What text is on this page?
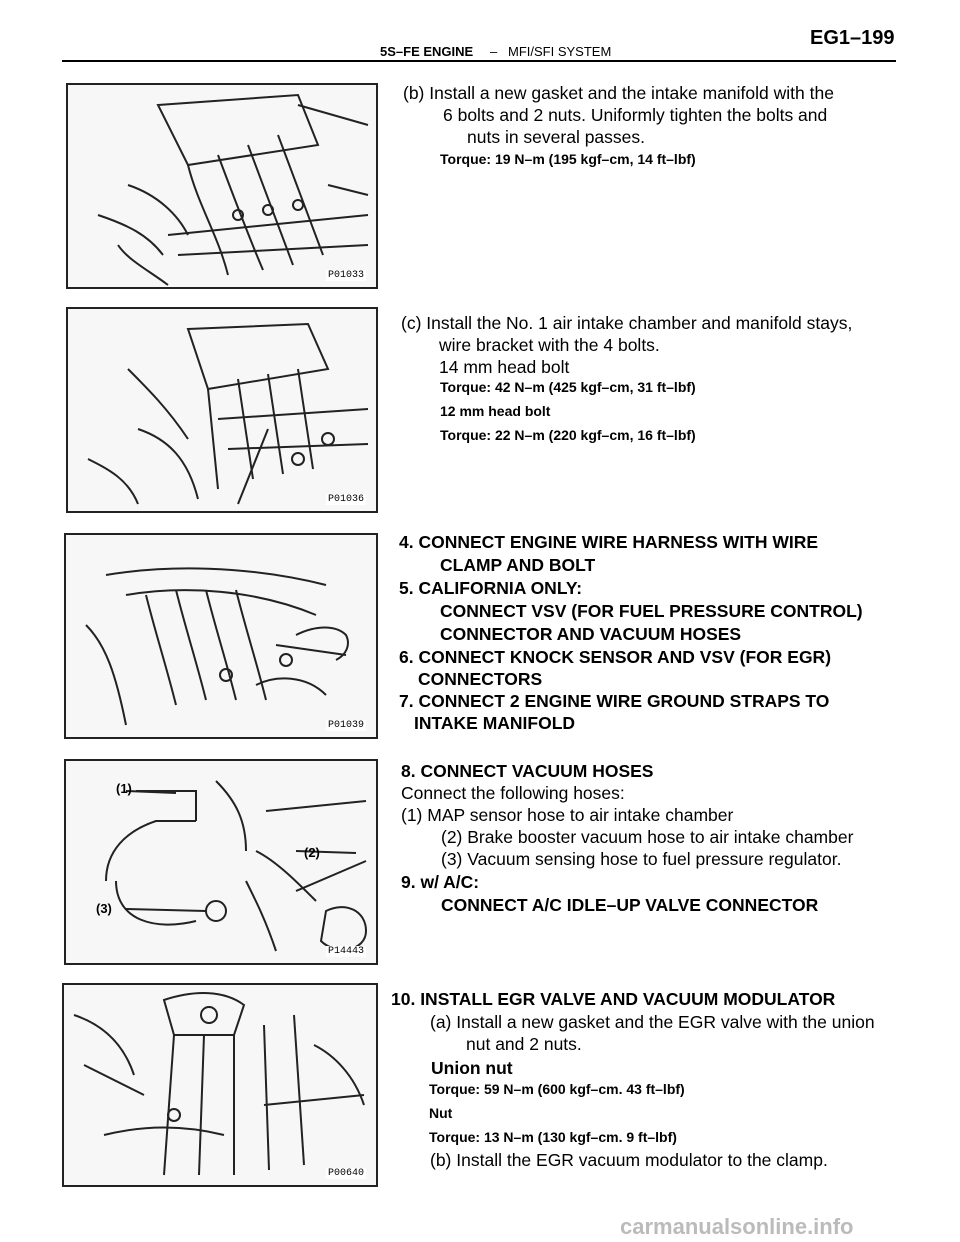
5S–FE ENGINE – MFI/SFI SYSTEM
EG1–199
P01033
(b) Install a new gasket and the intake manifold with the
6 bolts and 2 nuts. Uniformly tighten the bolts and
nuts in several passes.
Torque: 19 N–m (195 kgf–cm, 14 ft–lbf)
P01036
(c) Install the No. 1 air intake chamber and manifold stays,
wire bracket with the 4 bolts.
14 mm head bolt
Torque: 42 N–m (425 kgf–cm, 31 ft–lbf)
12 mm head bolt
Torque: 22 N–m (220 kgf–cm, 16 ft–lbf)
P01039
4. CONNECT ENGINE WIRE HARNESS WITH WIRE
CLAMP AND BOLT
5. CALIFORNIA ONLY:
CONNECT VSV (FOR FUEL PRESSURE CONTROL)
CONNECTOR AND VACUUM HOSES
6. CONNECT KNOCK SENSOR AND VSV (FOR EGR)
CONNECTORS
7. CONNECT 2 ENGINE WIRE GROUND STRAPS TO
INTAKE MANIFOLD
(1)
(2)
(3)
P14443
8. CONNECT VACUUM HOSES
Connect the following hoses:
(1) MAP sensor hose to air intake chamber
(2) Brake booster vacuum hose to air intake chamber
(3) Vacuum sensing hose to fuel pressure regulator.
9. w/ A/C:
CONNECT A/C IDLE–UP VALVE CONNECTOR
P00640
10. INSTALL EGR VALVE AND VACUUM MODULATOR
(a) Install a new gasket and the EGR valve with the union
nut and 2 nuts.
Union nut
Torque: 59 N–m (600 kgf–cm. 43 ft–lbf)
Nut
Torque: 13 N–m (130 kgf–cm. 9 ft–lbf)
(b) Install the EGR vacuum modulator to the clamp.
carmanualsonline.info
